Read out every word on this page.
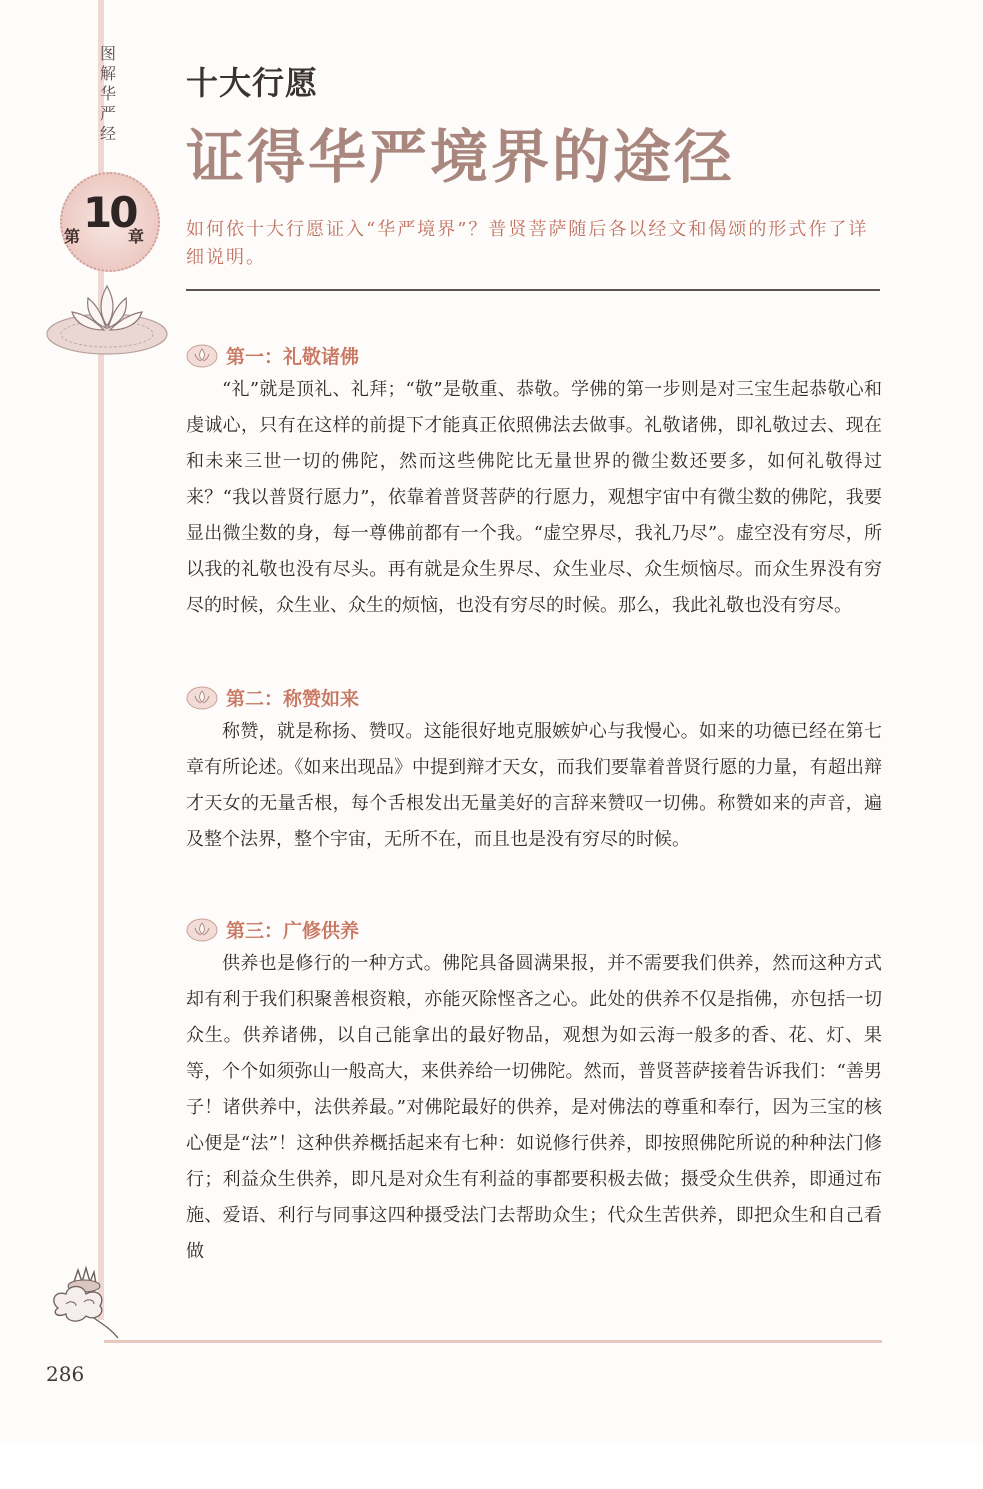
图
解
华
严
经
第 10
章
十大行愿
证得华严境界的途径
如何依十大行愿证入“华严境界”？普贤菩萨随后各以经文和偈颂的形式作了详细说明。
第一：礼敬诸佛
“礼”就是顶礼、礼拜；“敬”是敬重、恭敬。学佛的第一步则是对三宝生起恭敬心和虔诚心，只有在这样的前提下才能真正依照佛法去做事。礼敬诸佛，即礼敬过去、现在和未来三世一切的佛陀，然而这些佛陀比无量世界的微尘数还要多，如何礼敬得过来？“我以普贤行愿力”，依靠着普贤菩萨的行愿力，观想宇宙中有微尘数的佛陀，我要显出微尘数的身，每一尊佛前都有一个我。“虚空界尽，我礼乃尽”。虚空没有穷尽，所以我的礼敬也没有尽头。再有就是众生界尽、众生业尽、众生烦恼尽。而众生界没有穷尽的时候，众生业、众生的烦恼，也没有穷尽的时候。那么，我此礼敬也没有穷尽。
第二：称赞如来
称赞，就是称扬、赞叹。这能很好地克服嫉妒心与我慢心。如来的功德已经在第七章有所论述。《如来出现品》中提到辩才天女，而我们要靠着普贤行愿的力量，有超出辩才天女的无量舌根，每个舌根发出无量美好的言辞来赞叹一切佛。称赞如来的声音，遍及整个法界，整个宇宙，无所不在，而且也是没有穷尽的时候。
第三：广修供养
供养也是修行的一种方式。佛陀具备圆满果报，并不需要我们供养，然而这种方式却有利于我们积聚善根资粮，亦能灭除悭吝之心。此处的供养不仅是指佛，亦包括一切众生。供养诸佛，以自己能拿出的最好物品，观想为如云海一般多的香、花、灯、果等，个个如须弥山一般高大，来供养给一切佛陀。然而，普贤菩萨接着告诉我们：“善男子！诸供养中，法供养最。”对佛陀最好的供养，是对佛法的尊重和奉行，因为三宝的核心便是“法”！这种供养概括起来有七种：如说修行供养，即按照佛陀所说的种种法门修行；利益众生供养，即凡是对众生有利益的事都要积极去做；摄受众生供养，即通过布施、爱语、利行与同事这四种摄受法门去帮助众生；代众生苦供养，即把众生和自己看做
286
